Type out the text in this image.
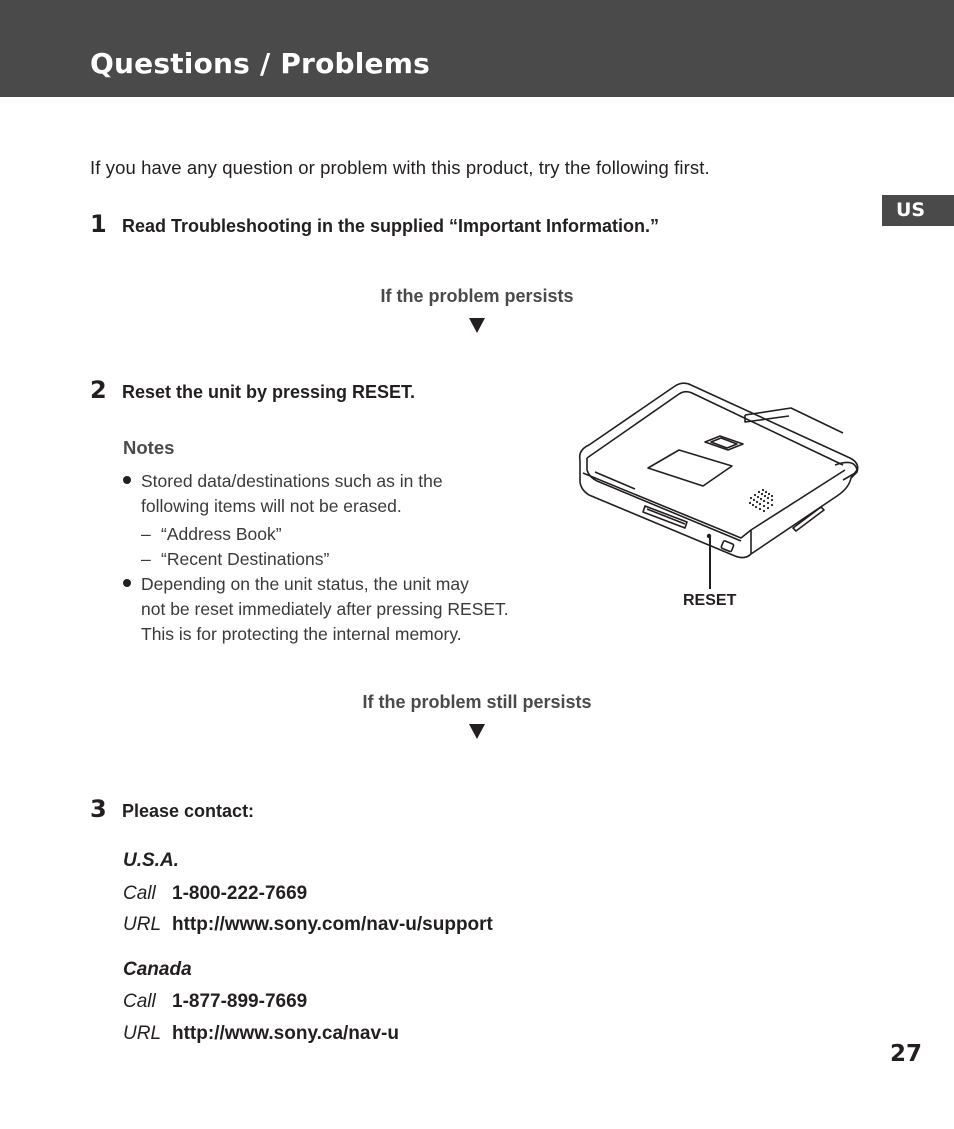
Questions / Problems
US
If you have any question or problem with this product, try the following first.
1 Read Troubleshooting in the supplied “Important Information.”
If the problem persists
2 Reset the unit by pressing RESET.
Notes
Stored data/destinations such as in the
following items will not be erased.
– “Address Book”
– “Recent Destinations”
Depending on the unit status, the unit may
not be reset immediately after pressing RESET.
This is for protecting the internal memory.
RESET
If the problem still persists
3 Please contact:
U.S.A.
Call 1-800-222-7669
URL http://www.sony.com/nav-u/support
Canada
Call 1-877-899-7669
URL http://www.sony.ca/nav-u
27
